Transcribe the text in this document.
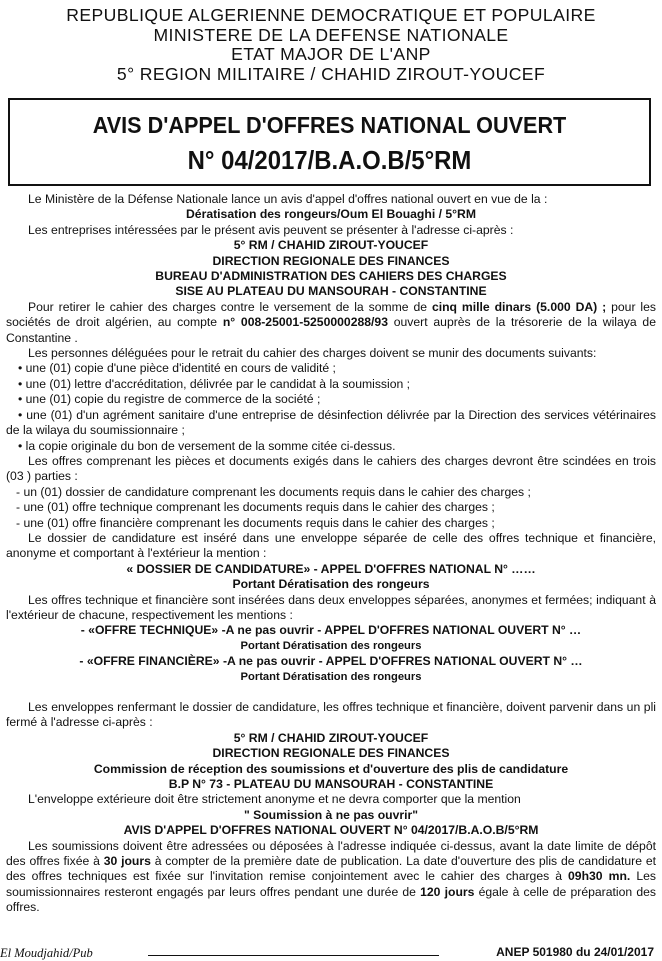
REPUBLIQUE ALGERIENNE DEMOCRATIQUE ET POPULAIRE
MINISTERE DE LA DEFENSE NATIONALE
ETAT MAJOR DE L'ANP
5° REGION MILITAIRE / CHAHID ZIROUT-YOUCEF
AVIS D'APPEL D'OFFRES NATIONAL OUVERT
N° 04/2017/B.A.O.B/5°RM
Le Ministère de la Défense Nationale lance un avis d'appel d'offres national ouvert en vue de la :
Dératisation des rongeurs/Oum El Bouaghi / 5°RM
Les entreprises intéressées par le présent avis peuvent se présenter à l'adresse ci-après :
5° RM / CHAHID ZIROUT-YOUCEF
DIRECTION REGIONALE DES FINANCES
BUREAU D'ADMINISTRATION DES CAHIERS DES CHARGES
SISE AU PLATEAU DU MANSOURAH - CONSTANTINE
Pour retirer le cahier des charges contre le versement de la somme de cinq mille dinars (5.000 DA) ; pour les sociétés de droit algérien, au compte n° 008-25001-5250000288/93 ouvert auprès de la trésorerie de la wilaya de Constantine .
Les personnes déléguées pour le retrait du cahier des charges doivent se munir des documents suivants:
• une (01) copie d'une pièce d'identité en cours de validité ;
• une (01) lettre d'accréditation, délivrée par le candidat à la soumission ;
• une (01) copie du registre de commerce de la société ;
• une (01) d'un agrément sanitaire d'une entreprise de désinfection délivrée par la Direction des services vétérinaires de la wilaya du soumissionnaire ;
• la copie originale du bon de versement de la somme citée ci-dessus.
Les offres comprenant les pièces et documents exigés dans le cahiers des charges devront être scindées en trois (03 ) parties :
- un (01) dossier de candidature comprenant les documents requis dans le cahier des charges ;
- une (01) offre technique comprenant les documents requis dans le cahier des charges ;
- une (01) offre financière comprenant les documents requis dans le cahier des charges ;
Le dossier de candidature est inséré dans une enveloppe séparée de celle des offres technique et financière, anonyme et comportant à l'extérieur la mention :
« DOSSIER DE CANDIDATURE» - APPEL D'OFFRES NATIONAL N° ……
Portant Dératisation des rongeurs
Les offres technique et financière sont insérées dans deux enveloppes séparées, anonymes et fermées; indiquant à l'extérieur de chacune, respectivement les mentions :
- «OFFRE TECHNIQUE» -A ne pas ouvrir - APPEL D'OFFRES NATIONAL OUVERT N° …
Portant Dératisation des rongeurs
- «OFFRE FINANCIÈRE» -A ne pas ouvrir - APPEL D'OFFRES NATIONAL OUVERT N° …
Portant Dératisation des rongeurs
Les enveloppes renfermant le dossier de candidature, les offres technique et financière, doivent parvenir dans un pli fermé à l'adresse ci-après :
5° RM / CHAHID ZIROUT-YOUCEF
DIRECTION REGIONALE DES FINANCES
Commission de réception des soumissions et d'ouverture des plis de candidature
B.P N° 73 - PLATEAU DU MANSOURAH - CONSTANTINE
L'enveloppe extérieure doit être strictement anonyme et ne devra comporter que la mention
" Soumission à ne pas ouvrir"
AVIS D'APPEL D'OFFRES NATIONAL OUVERT N° 04/2017/B.A.O.B/5°RM
Les soumissions doivent être adressées ou déposées à l'adresse indiquée ci-dessus, avant la date limite de dépôt des offres fixée à 30 jours à compter de la première date de publication. La date d'ouverture des plis de candidature et des offres techniques est fixée sur l'invitation remise conjointement avec le cahier des charges à 09h30 mn. Les soumissionnaires resteront engagés par leurs offres pendant une durée de 120 jours égale à celle de préparation des offres.
El Moudjahid/Pub	ANEP 501980 du 24/01/2017
